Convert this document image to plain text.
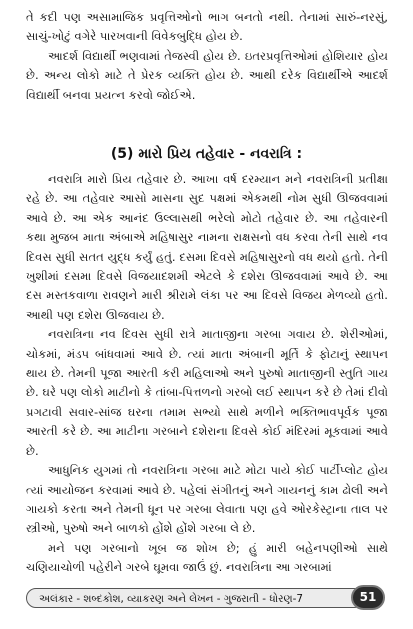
તે કદી પણ અસામાજિક પ્રવૃત્તિઓનો ભાગ બનતો નથી. તેનામાં સારું-નરસું, સાચું-ખોટું વગેરે પારખવાની વિવેકબુદ્ધિ હોય છે.

આદર્શ વિદ્યાર્થી ભણવામાં તેજસ્વી હોય છે. ઇતરપ્રવૃત્તિઓમાં હોશિયાર હોય છે. અન્ય લોકો માટે તે પ્રેરક વ્યક્તિ હોય છે. આથી દરેક વિદ્યાર્થીએ આદર્શ વિદ્યાર્થી બનવા પ્રયત્ન કરવો જોઈએ.

(5) મારો પ્રિય તહેવાર - નવરાત્રિ :

નવરાત્રિ મારો પ્રિય તહેવાર છે. આખા વર્ષ દરમ્યાન મને નવરાત્રિની પ્રતીક્ષા રહે છે. આ તહેવાર આસો માસના સુદ પક્ષમાં એકમથી નોમ સુધી ઊજવવામાં આવે છે. આ એક આનંદ ઉલ્લાસથી ભરેલો મોટો તહેવાર છે. આ તહેવારની કથા મુજબ માતા અંબાએ મહિષાસુર નામના રાક્ષસનો વધ કરવા તેની સાથે નવ દિવસ સુધી સતત યુદ્ધ કર્યું હતું. દસમા દિવસે મહિષાસુરનો વધ થયો હતો. તેની ખુશીમાં દસમા દિવસે વિજયાદશમી એટલે કે દશેરા ઊજવવામાં આવે છે. આ દસ મસ્તકવાળા રાવણને મારી શ્રીરામે લંકા પર આ દિવસે વિજય મેળવ્યો હતો. આથી પણ દશેરા ઊજવાય છે.

નવરાત્રિના નવ દિવસ સુધી રાત્રે માતાજીના ગરબા ગવાય છે. શેરીઓમાં, ચોકમાં, મંડપ બાંધવામાં આવે છે. ત્યાં માતા અંબાની મૂર્તિ કે ફોટાનું સ્થાપન થાય છે. તેમની પૂજા આરતી કરી મહિલાઓ અને પુરુષો માતાજીની સ્તુતિ ગાય છે. ઘરે પણ લોકો માટીનો કે તાંબા-પિત્તળનો ગરબો લઈ સ્થાપન કરે છે તેમાં દીવો પ્રગટાવી સવાર-સાંજ ઘરના તમામ સભ્યો સાથે મળીને ભક્તિભાવપૂર્વક પૂજા આરતી કરે છે. આ માટીના ગરબાને દશેરાના દિવસે કોઈ મંદિરમાં મૂકવામાં આવે છે.

આધુનિક યુગમાં તો નવરાત્રિના ગરબા માટે મોટા પાયે કોઈ પાર્ટીપ્લોટ હોય ત્યાં આયોજન કરવામાં આવે છે. પહેલાં સંગીતનું અને ગાયનનું કામ ઢોલી અને ગાયકો કરતા અને તેમની ધૂન પર ગરબા લેવાતા પણ હવે ઓરકેસ્ટ્રાના તાલ પર સ્ત્રીઓ, પુરુષો અને બાળકો હોંશે હોંશે ગરબા લે છે.

મને પણ ગરબાનો ખૂબ જ શોખ છે; હું મારી બહેનપણીઓ સાથે ચણિયાચોળી પહેરીને ગરબે ઘૂમવા જાઉં છું. નવરાત્રિના આ ગરબામાં

અલંકાર - શબ્દકોશ, વ્યાકરણ અને લેખન - ગુજરાતી - ધોરણ-7	51
